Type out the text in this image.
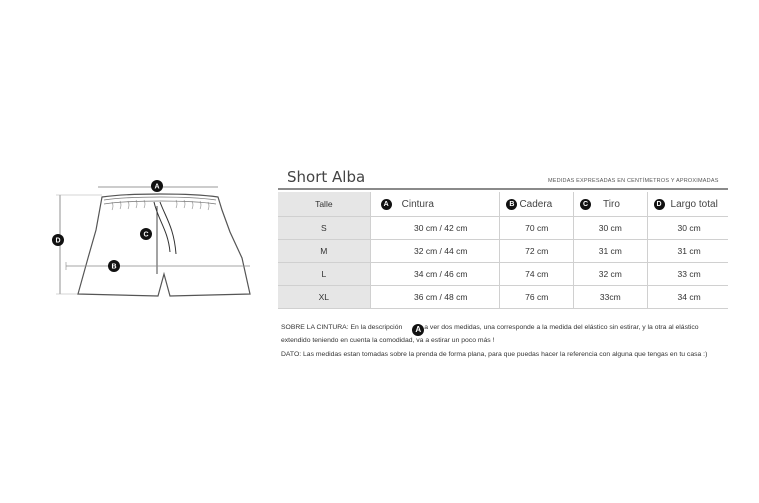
D
A
C
B
Short Alba	MEDIDAS EXPRESADAS EN CENTÍMETROS Y APROXIMADAS
Talle	A Cintura	B Cadera	C Tiro	D Largo total

S	30 cm / 42 cm	70 cm	30 cm	30 cm
M	32 cm / 44 cm	72 cm	31 cm	31 cm
L	34 cm / 46 cm	74 cm	32 cm	33 cm
XL	36 cm / 48 cm	76 cm	33cm	34 cm
SOBRE LA CINTURA: En la descripción A a ver dos medidas, una corresponde a la medida del elástico sin estirar, y la otra al elástico extendido teniendo en cuenta la comodidad, va a estirar un poco más !
DATO: Las medidas estan tomadas sobre la prenda de forma plana, para que puedas hacer la referencia con alguna que tengas en tu casa :)
